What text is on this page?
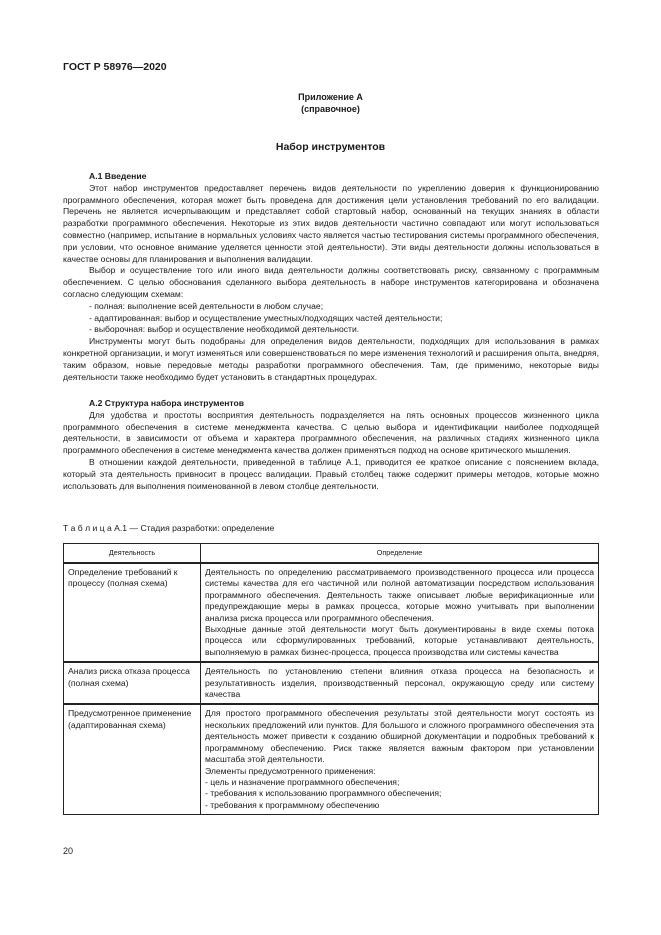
ГОСТ Р 58976—2020
Приложение А
(справочное)
Набор инструментов
А.1 Введение

Этот набор инструментов предоставляет перечень видов деятельности по укреплению доверия к функционированию программного обеспечения, которая может быть проведена для достижения цели установления требований по его валидации. Перечень не является исчерпывающим и представляет собой стартовый набор, основанный на текущих знаниях в области разработки программного обеспечения. Некоторые из этих видов деятельности частично совпадают или могут использоваться совместно (например, испытание в нормальных условиях часто является частью тестирования системы программного обеспечения, при условии, что основное внимание уделяется ценности этой деятельности). Эти виды деятельности должны использоваться в качестве основы для планирования и выполнения валидации.

Выбор и осуществление того или иного вида деятельности должны соответствовать риску, связанному с программным обеспечением. С целью обоснования сделанного выбора деятельность в наборе инструментов категорирована и обозначена согласно следующим схемам:

- полная: выполнение всей деятельности в любом случае;

- адаптированная: выбор и осуществление уместных/подходящих частей деятельности;

- выборочная: выбор и осуществление необходимой деятельности.

Инструменты могут быть подобраны для определения видов деятельности, подходящих для использования в рамках конкретной организации, и могут изменяться или совершенствоваться по мере изменения технологий и расширения опыта, внедряя, таким образом, новые передовые методы разработки программного обеспечения. Там, где применимо, некоторые виды деятельности также необходимо будет установить в стандартных процедурах.

А.2 Структура набора инструментов

Для удобства и простоты восприятия деятельность подразделяется на пять основных процессов жизненного цикла программного обеспечения в системе менеджмента качества. С целью выбора и идентификации наиболее подходящей деятельности, в зависимости от объема и характера программного обеспечения, на различных стадиях жизненного цикла программного обеспечения в системе менеджмента качества должен применяться подход на основе критического мышления.

В отношении каждой деятельности, приведенной в таблице А.1, приводится ее краткое описание с пояснением вклада, который эта деятельность привносит в процесс валидации. Правый столбец также содержит примеры методов, которые можно использовать для выполнения поименованной в левом столбце деятельности.

Т а б л и ц а А.1 — Стадия разработки: определение
Деятельность	Определение
Определение требований к процессу (полная схема)	Деятельность по определению рассматриваемого производственного процесса или процесса системы качества для его частичной или полной автоматизации посредством использования программного обеспечения. Деятельность также описывает любые верификационные или предупреждающие меры в рамках процесса, которые можно учитывать при выполнении анализа риска процесса или программного обеспечения.

Выходные данные этой деятельности могут быть документированы в виде схемы потока процесса или сформулированных требований, которые устанавливают деятельность, выполняемую в рамках бизнес-процесса, процесса производства или системы качества

Анализ риска отказа процесса (полная схема)	Деятельность по установлению степени влияния отказа процесса на безопасность и результативность изделия, производственный персонал, окружающую среду или систему качества

Предусмотренное применение (адаптированная схема)	Для простого программного обеспечения результаты этой деятельности могут состоять из нескольких предложений или пунктов. Для большого и сложного программного обеспечения эта деятельность может привести к созданию обширной документации и подробных требований к программному обеспечению. Риск также является важным фактором при установлении масштаба этой деятельности.

Элементы предусмотренного применения:

- цель и назначение программного обеспечения;

- требования к использованию программного обеспечения;

- требования к программному обеспечению

20
